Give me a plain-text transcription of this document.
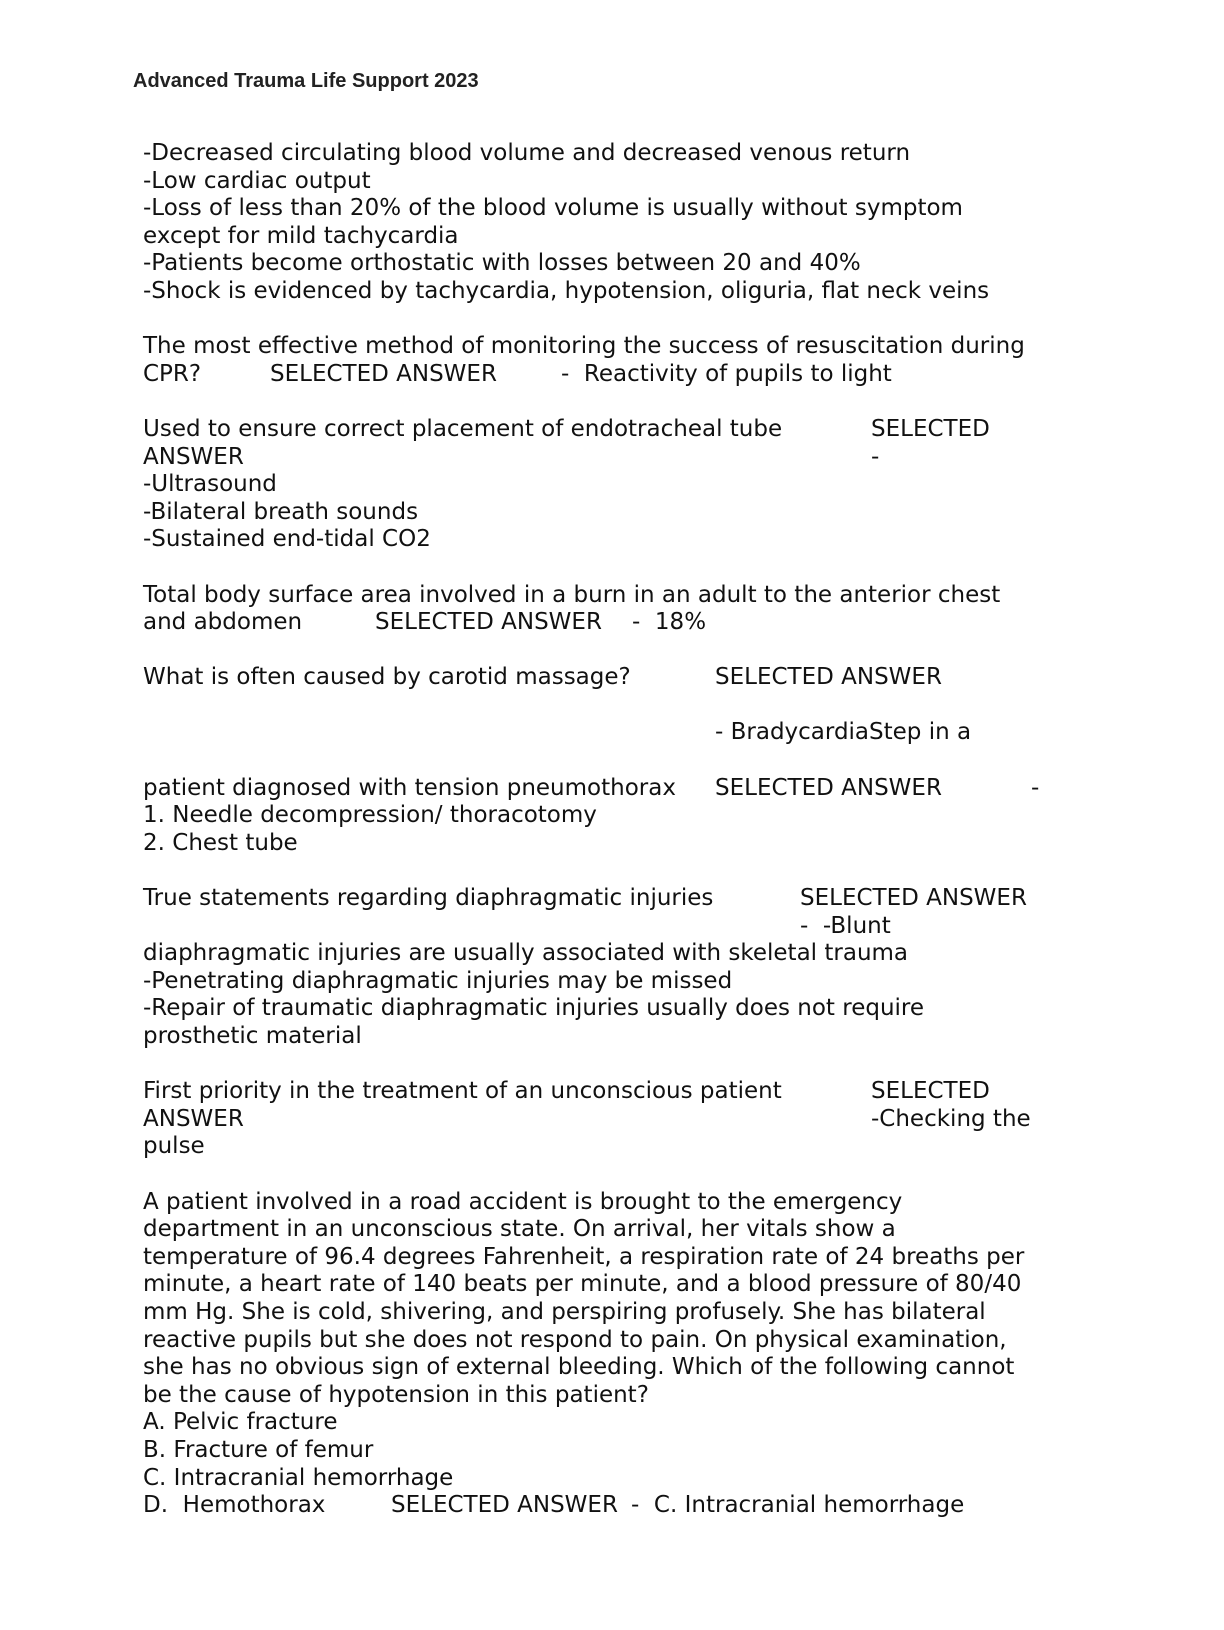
Advanced Trauma Life Support 2023
-Decreased circulating blood volume and decreased venous return
-Low cardiac output
-Loss of less than 20% of the blood volume is usually without symptom
except for mild tachycardia
-Patients become orthostatic with losses between 20 and 40%
-Shock is evidenced by tachycardia, hypotension, oliguria, flat neck veins
The most effective method of monitoring the success of resuscitation during

CPR?

	SELECTED ANSWER

	-  Reactivity of pupils to light

Used to ensure correct placement of endotracheal tube

	SELECTED

ANSWER

	-

-Ultrasound
-Bilateral breath sounds
-Sustained end-tidal CO2
Total body surface area involved in a burn in an adult to the anterior chest

and abdomen

	SELECTED ANSWER

-  18%

What is often caused by carotid massage?

	SELECTED ANSWER

- BradycardiaStep in a

patient diagnosed with tension pneumothorax

SELECTED ANSWER

	-

1. Needle decompression/ thoracotomy
2. Chest tube

True statements regarding diaphragmatic injuries

	SELECTED ANSWER

-  -Blunt

diaphragmatic injuries are usually associated with skeletal trauma
-Penetrating diaphragmatic injuries may be missed
-Repair of traumatic diaphragmatic injuries usually does not require
prosthetic material

First priority in the treatment of an unconscious patient

	SELECTED

ANSWER

	-Checking the

pulse
A patient involved in a road accident is brought to the emergency
department in an unconscious state. On arrival, her vitals show a
temperature of 96.4 degrees Fahrenheit, a respiration rate of 24 breaths per
minute, a heart rate of 140 beats per minute, and a blood pressure of 80/40
mm Hg. She is cold, shivering, and perspiring profusely. She has bilateral
reactive pupils but she does not respond to pain. On physical examination,
she has no obvious sign of external bleeding. Which of the following cannot
be the cause of hypotension in this patient?
A. Pelvic fracture
B. Fracture of femur
C. Intracranial hemorrhage

D.  Hemothorax

	SELECTED ANSWER

-  C. Intracranial hemorrhage
